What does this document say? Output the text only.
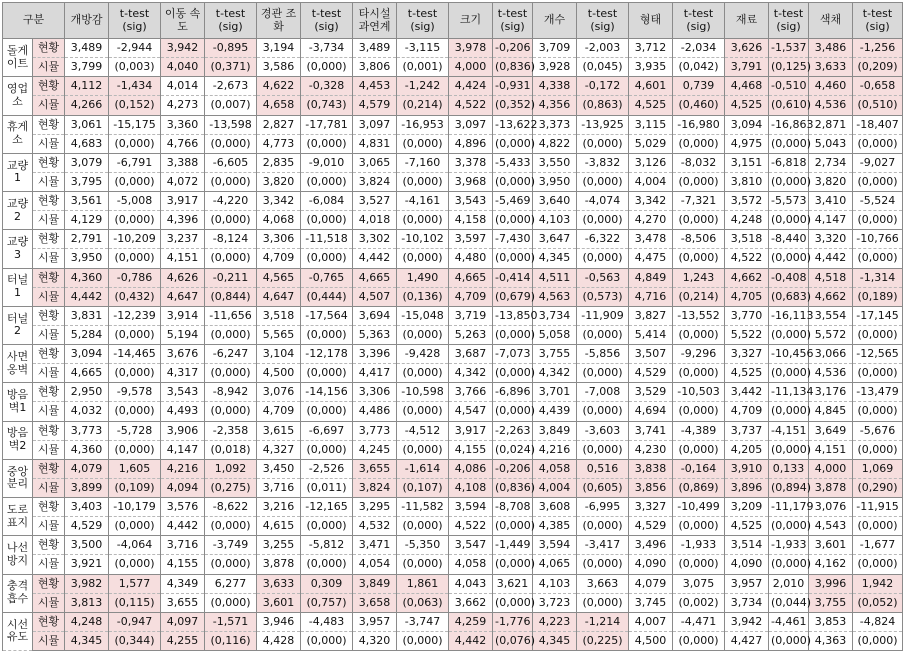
구분		개방감	t-test (sig)	이동 속도	t-test (sig)	경관 조화	t-test (sig)	타시설 과연계	t-test (sig)	크기	t-test (sig)	개수	t-test (sig)	형태	t-test (sig)	재료	t-test (sig)	색채	t-test (sig)
돌게
이트	현황	3,489	-2,944	3,942	-0,895	3,194	-3,734	3,489	-3,115	3,978	-0,206	3,709	-2,003	3,712	-2,034	3,626	-1,537	3,486	-1,256
	시뮬	3,799	(0,003)	4,040	(0,371)	3,586	(0,000)	3,806	(0,001)	4,000	(0,836)	3,928	(0,045)	3,935	(0,042)	3,791	(0,125)	3,633	(0,209)
영업
소	현황	4,112	-1,434	4,014	-2,673	4,622	-0,328	4,453	-1,242	4,424	-0,931	4,338	-0,172	4,601	0,739	4,468	-0,510	4,460	-0,658
	시뮬	4,266	(0,152)	4,273	(0,007)	4,658	(0,743)	4,579	(0,214)	4,522	(0,352)	4,356	(0,863)	4,525	(0,460)	4,525	(0,610)	4,536	(0,510)
휴게
소	현황	3,061	-15,175	3,360	-13,598	2,827	-17,781	3,097	-16,953	3,097	-13,622	3,373	-13,925	3,115	-16,980	3,094	-16,863	2,871	-18,407
	시뮬	4,683	(0,000)	4,766	(0,000)	4,773	(0,000)	4,831	(0,000)	4,896	(0,000)	4,822	(0,000)	5,029	(0,000)	4,975	(0,000)	5,043	(0,000)
교량
1	현황	3,079	-6,791	3,388	-6,605	2,835	-9,010	3,065	-7,160	3,378	-5,433	3,550	-3,832	3,126	-8,032	3,151	-6,818	2,734	-9,027
	시뮬	3,795	(0,000)	4,072	(0,000)	3,820	(0,000)	3,824	(0,000)	3,968	(0,000)	3,950	(0,000)	4,004	(0,000)	3,810	(0,000)	3,820	(0,000)
교량
2	현황	3,561	-5,008	3,917	-4,220	3,342	-6,084	3,527	-4,161	3,543	-5,469	3,640	-4,074	3,342	-7,321	3,572	-5,573	3,410	-5,524
	시뮬	4,129	(0,000)	4,396	(0,000)	4,068	(0,000)	4,018	(0,000)	4,158	(0,000)	4,103	(0,000)	4,270	(0,000)	4,248	(0,000)	4,147	(0,000)
교량
3	현황	2,791	-10,209	3,237	-8,124	3,306	-11,518	3,302	-10,102	3,597	-7,430	3,647	-6,322	3,478	-8,506	3,518	-8,440	3,320	-10,766
	시뮬	3,950	(0,000)	4,151	(0,000)	4,709	(0,000)	4,442	(0,000)	4,480	(0,000)	4,345	(0,000)	4,475	(0,000)	4,522	(0,000)	4,442	(0,000)
터널
1	현황	4,360	-0,786	4,626	-0,211	4,565	-0,765	4,665	1,490	4,665	-0,414	4,511	-0,563	4,849	1,243	4,662	-0,408	4,518	-1,314
	시뮬	4,442	(0,432)	4,647	(0,844)	4,647	(0,444)	4,507	(0,136)	4,709	(0,679)	4,563	(0,573)	4,716	(0,214)	4,705	(0,683)	4,662	(0,189)
터널
2	현황	3,831	-12,239	3,914	-11,656	3,518	-17,564	3,694	-15,048	3,719	-13,850	3,734	-11,909	3,827	-13,552	3,770	-16,113	3,554	-17,145
	시뮬	5,284	(0,000)	5,194	(0,000)	5,565	(0,000)	5,363	(0,000)	5,263	(0,000)	5,058	(0,000)	5,414	(0,000)	5,522	(0,000)	5,572	(0,000)
사면
옹벽	현황	3,094	-14,465	3,676	-6,247	3,104	-12,178	3,396	-9,428	3,687	-7,073	3,755	-5,856	3,507	-9,296	3,327	-10,456	3,066	-12,565
	시뮬	4,665	(0,000)	4,317	(0,000)	4,500	(0,000)	4,417	(0,000)	4,342	(0,000)	4,342	(0,000)	4,529	(0,000)	4,525	(0,000)	4,536	(0,000)
방음
벽1	현황	2,950	-9,578	3,543	-8,942	3,076	-14,156	3,306	-10,598	3,766	-6,896	3,701	-7,008	3,529	-10,503	3,442	-11,134	3,176	-13,479
	시뮬	4,032	(0,000)	4,493	(0,000)	4,709	(0,000)	4,486	(0,000)	4,547	(0,000)	4,439	(0,000)	4,694	(0,000)	4,709	(0,000)	4,845	(0,000)
방음
벽2	현황	3,773	-5,728	3,906	-2,358	3,615	-6,697	3,773	-4,512	3,917	-2,263	3,849	-3,603	3,741	-4,389	3,737	-4,151	3,649	-5,676
	시뮬	4,360	(0,000)	4,147	(0,018)	4,327	(0,000)	4,245	(0,000)	4,155	(0,024)	4,216	(0,000)	4,230	(0,000)	4,205	(0,000)	4,151	(0,000)
중앙
분리	현황	4,079	1,605	4,216	1,092	3,450	-2,526	3,655	-1,614	4,086	-0,206	4,058	0,516	3,838	-0,164	3,910	0,133	4,000	1,069
	시뮬	3,899	(0,109)	4,094	(0,275)	3,716	(0,011)	3,824	(0,107)	4,108	(0,836)	4,004	(0,605)	3,856	(0,869)	3,896	(0,894)	3,878	(0,290)
도로
표지	현황	3,403	-10,179	3,576	-8,622	3,216	-12,165	3,295	-11,582	3,594	-8,708	3,608	-6,995	3,327	-10,499	3,209	-11,179	3,076	-11,915
	시뮬	4,529	(0,000)	4,442	(0,000)	4,615	(0,000)	4,532	(0,000)	4,522	(0,000)	4,385	(0,000)	4,529	(0,000)	4,525	(0,000)	4,543	(0,000)
나선
방지	현황	3,500	-4,064	3,716	-3,749	3,255	-5,812	3,471	-5,350	3,547	-1,449	3,594	-3,417	3,496	-1,933	3,514	-1,933	3,601	-1,677
	시뮬	3,921	(0,000)	4,155	(0,000)	3,878	(0,000)	4,054	(0,000)	4,058	(0,000)	4,065	(0,000)	4,090	(0,000)	4,090	(0,000)	4,162	(0,000)
충격
흡수	현황	3,982	1,577	4,349	6,277	3,633	0,309	3,849	1,861	4,043	3,621	4,103	3,663	4,079	3,075	3,957	2,010	3,996	1,942
	시뮬	3,813	(0,115)	3,655	(0,000)	3,601	(0,757)	3,658	(0,063)	3,662	(0,000)	3,723	(0,000)	3,745	(0,002)	3,734	(0,044)	3,755	(0,052)
시선
유도	현황	4,248	-0,947	4,097	-1,571	3,946	-4,483	3,957	-3,747	4,259	-1,776	4,223	-1,214	4,007	-4,471	3,942	-4,461	3,853	-4,824
	시뮬	4,345	(0,344)	4,255	(0,116)	4,428	(0,000)	4,320	(0,000)	4,442	(0,076)	4,345	(0,225)	4,500	(0,000)	4,427	(0,000)	4,363	(0,000)
